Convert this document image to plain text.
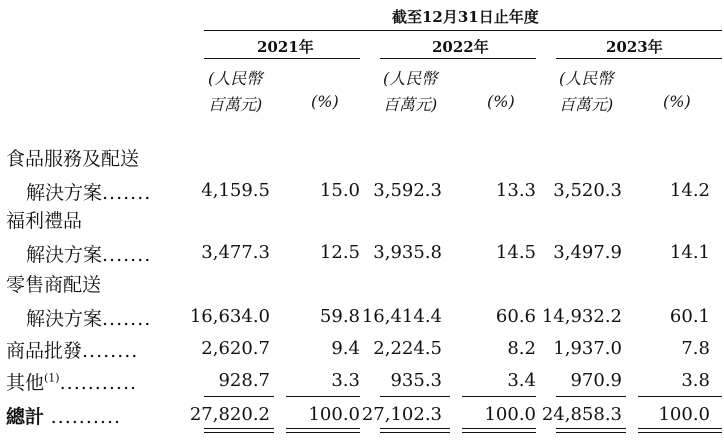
截至12月31日止年度
2021年	2022年	2023年
(人民幣
百萬元)	(%)
(人民幣
百萬元)	(%)
(人民幣
百萬元)	(%)
食品服務及配送
解決方案.......	4,159.5	15.0 3,592.3	13.3 3,520.3	14.2
福利禮品
解決方案.......	3,477.3	12.5 3,935.8	14.5 3,497.9	14.1
零售商配送
解決方案....... 16,634.0	59.8 16,414.4	60.6 14,932.2	60.1
商品批發........	2,620.7	9.4 2,224.5	8.2 1,937.0	7.8
其他$^{(1)}$...........	928.7	3.3 935.3	3.4 970.9	3.8
總計 ..........	27,820.2 100.0 27,102.3 100.0 24,858.3 100.0
